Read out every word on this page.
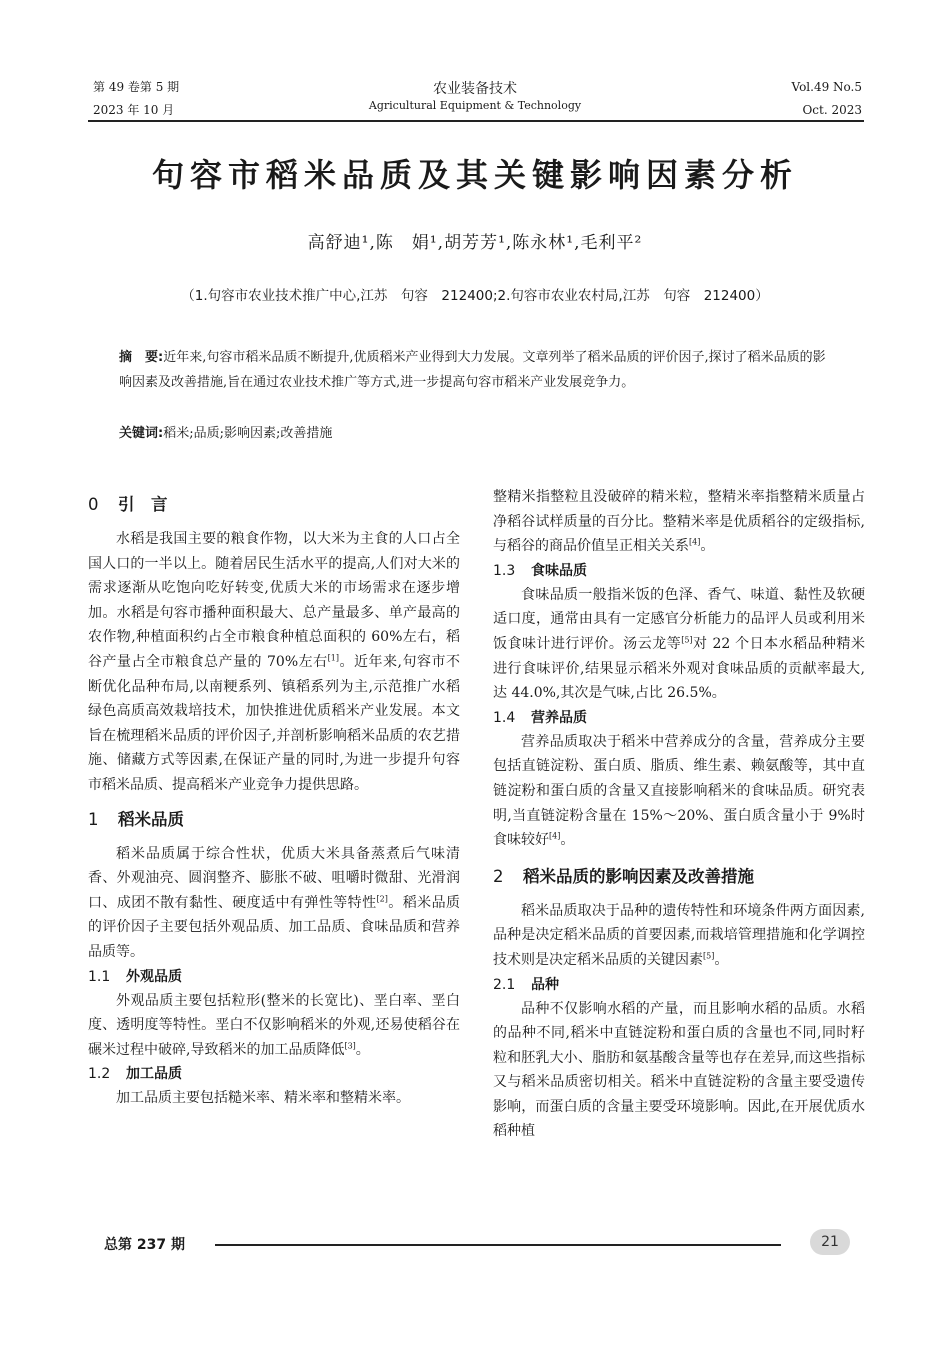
第 49 卷第 5 期
2023 年 10 月
农业装备技术
Agricultural Equipment & Technology
Vol.49 No.5
Oct. 2023
句容市稻米品质及其关键影响因素分析
高舒迪¹,陈　娟¹,胡芳芳¹,陈永林¹,毛利平²
（1.句容市农业技术推广中心,江苏　句容　212400;2.句容市农业农村局,江苏　句容　212400）
摘　要:近年来,句容市稻米品质不断提升,优质稻米产业得到大力发展。文章列举了稻米品质的评价因子,探讨了稻米品质的影响因素及改善措施,旨在通过农业技术推广等方式,进一步提高句容市稻米产业发展竞争力。
关键词:稻米;品质;影响因素;改善措施

0 引　言

水稻是我国主要的粮食作物，以大米为主食的人口占全国人口的一半以上。随着居民生活水平的提高,人们对大米的需求逐渐从吃饱向吃好转变,优质大米的市场需求在逐步增加。水稻是句容市播种面积最大、总产量最多、单产最高的农作物,种植面积约占全市粮食种植总面积的 60%左右，稻谷产量占全市粮食总产量的 70%左右[1]。近年来,句容市不断优化品种布局,以南粳系列、镇稻系列为主,示范推广水稻绿色高质高效栽培技术，加快推进优质稻米产业发展。本文旨在梳理稻米品质的评价因子,并剖析影响稻米品质的农艺措施、储藏方式等因素,在保证产量的同时,为进一步提升句容市稻米品质、提高稻米产业竞争力提供思路。

1 稻米品质

稻米品质属于综合性状，优质大米具备蒸煮后气味清香、外观油亮、圆润整齐、膨胀不破、咀嚼时微甜、光滑润口、成团不散有黏性、硬度适中有弹性等特性[2]。稻米品质的评价因子主要包括外观品质、加工品质、食味品质和营养品质等。

1.1 外观品质

外观品质主要包括粒形(整米的长宽比)、垩白率、垩白度、透明度等特性。垩白不仅影响稻米的外观,还易使稻谷在碾米过程中破碎,导致稻米的加工品质降低[3]。

1.2 加工品质

加工品质主要包括糙米率、精米率和整精米率。

整精米指整粒且没破碎的精米粒，整精米率指整精米质量占净稻谷试样质量的百分比。整精米率是优质稻谷的定级指标,与稻谷的商品价值呈正相关关系[4]。

1.3 食味品质

食味品质一般指米饭的色泽、香气、味道、黏性及软硬适口度，通常由具有一定感官分析能力的品评人员或利用米饭食味计进行评价。汤云龙等[5]对 22 个日本水稻品种精米进行食味评价,结果显示稻米外观对食味品质的贡献率最大,达 44.0%,其次是气味,占比 26.5%。

1.4 营养品质

营养品质取决于稻米中营养成分的含量，营养成分主要包括直链淀粉、蛋白质、脂质、维生素、赖氨酸等，其中直链淀粉和蛋白质的含量又直接影响稻米的食味品质。研究表明,当直链淀粉含量在 15%～20%、蛋白质含量小于 9%时食味较好[4]。

2 稻米品质的影响因素及改善措施

稻米品质取决于品种的遗传特性和环境条件两方面因素,品种是决定稻米品质的首要因素,而栽培管理措施和化学调控技术则是决定稻米品质的关键因素[5]。

2.1 品种

品种不仅影响水稻的产量，而且影响水稻的品质。水稻的品种不同,稻米中直链淀粉和蛋白质的含量也不同,同时籽粒和胚乳大小、脂肪和氨基酸含量等也存在差异,而这些指标又与稻米品质密切相关。稻米中直链淀粉的含量主要受遗传影响，而蛋白质的含量主要受环境影响。因此,在开展优质水稻种植

总第 237 期	21
